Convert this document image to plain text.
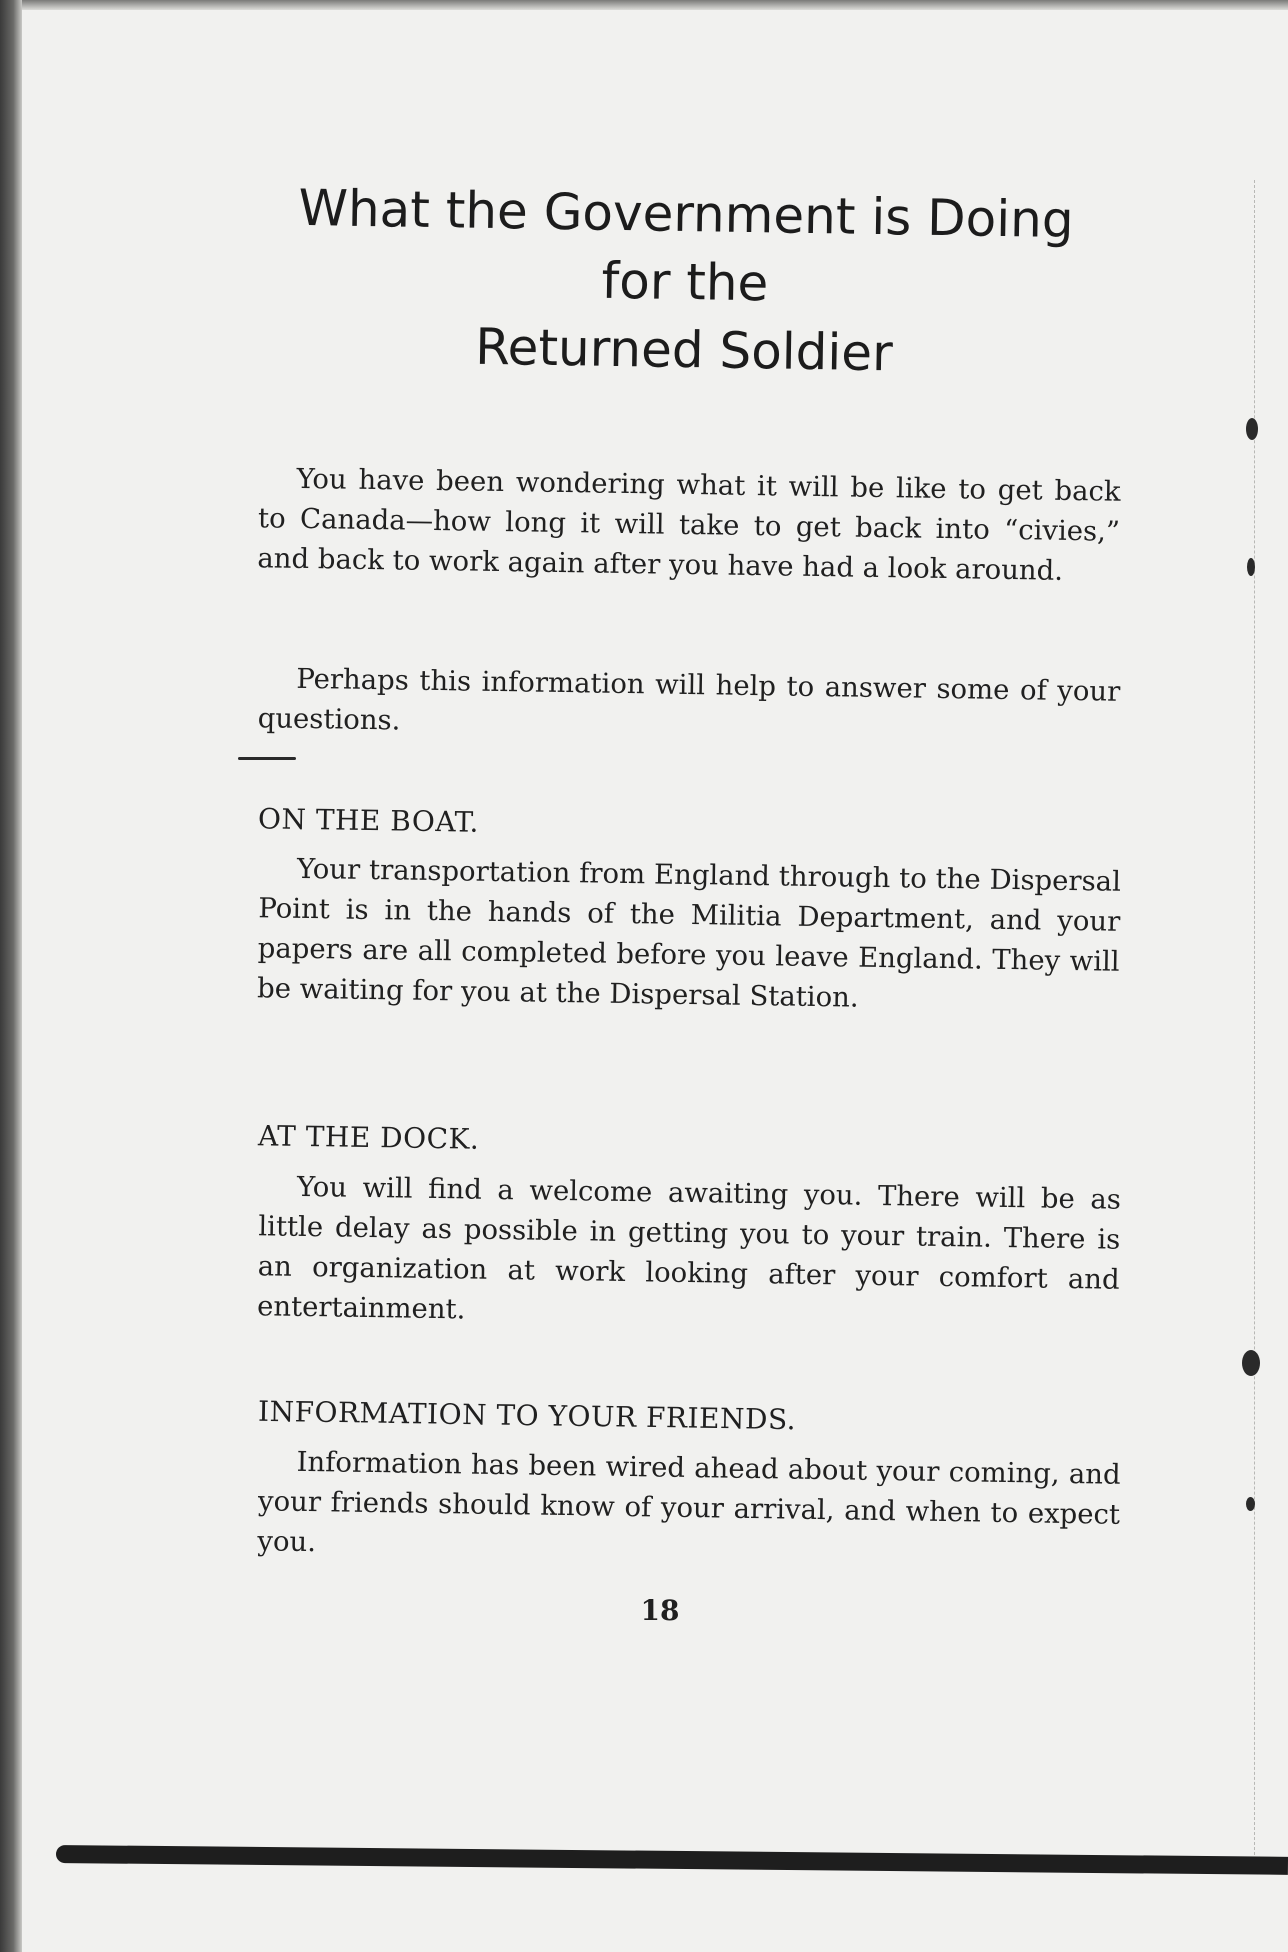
What the Government is Doing
for the
Returned Soldier

You have been wondering what it will be like to get back to Canada—how long it will take to get back into “civies,” and back to work again after you have had a look around.

Perhaps this information will help to answer some of your questions.

ON THE BOAT.

Your transportation from England through to the Dispersal Point is in the hands of the Militia Department, and your papers are all completed before you leave England. They will be waiting for you at the Dispersal Station.

AT THE DOCK.

You will find a welcome awaiting you. There will be as little delay as possible in getting you to your train. There is an organization at work looking after your comfort and entertainment.

INFORMATION TO YOUR FRIENDS.

Information has been wired ahead about your coming, and your friends should know of your arrival, and when to expect you.

18
